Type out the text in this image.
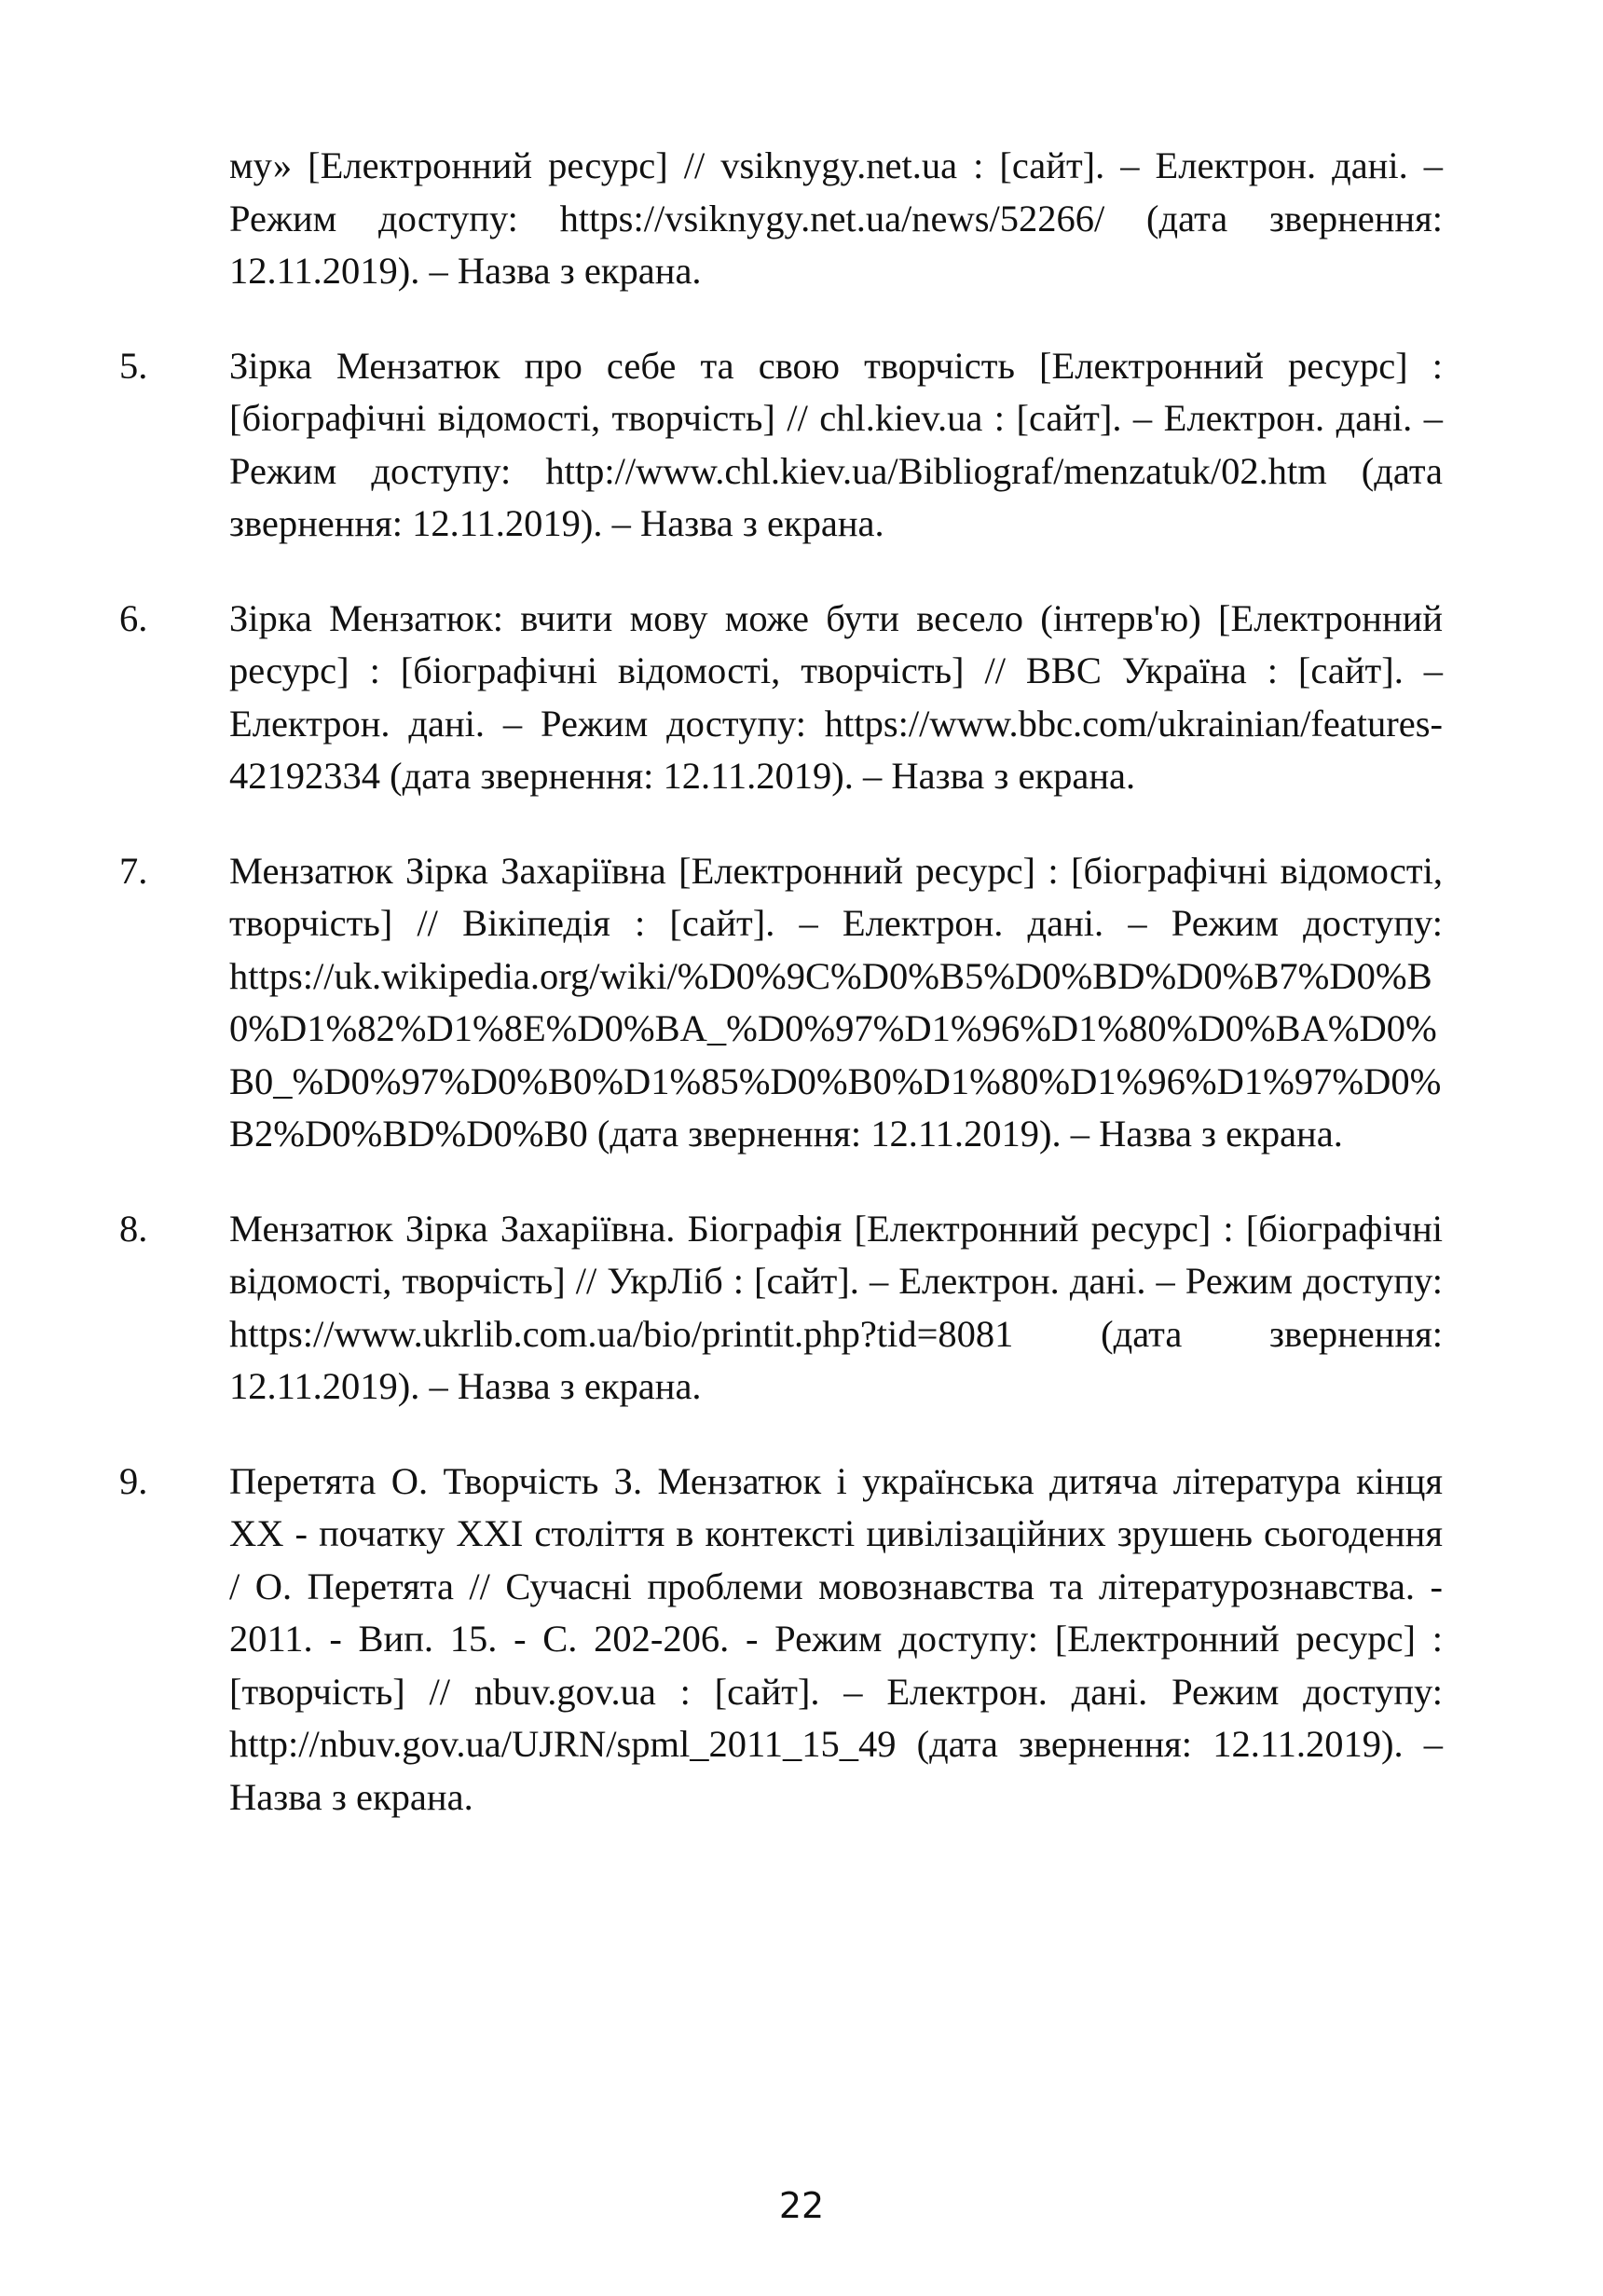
му» [Електронний ресурс] // vsiknygy.net.ua : [сайт]. – Електрон. дані. – Режим доступу: https://vsiknygy.net.ua/news/52266/ (дата звернення: 12.11.2019). – Назва з екрана.
5.	Зірка Мензатюк про себе та свою творчість [Електронний ресурс] : [біографічні відомості, творчість] // chl.kiev.ua : [сайт]. – Електрон. дані. – Режим доступу: http://www.chl.kiev.ua/Bibliograf/menzatuk/02.htm (дата звернення: 12.11.2019). – Назва з екрана.
6.	Зірка Мензатюк: вчити мову може бути весело (інтерв'ю) [Електронний ресурс] : [біографічні відомості, творчість] // BBC Україна : [сайт]. – Електрон. дані. – Режим доступу: https://www.bbc.com/ukrainian/features-42192334 (дата звернення: 12.11.2019). – Назва з екрана.
7.	Мензатюк Зірка Захаріївна [Електронний ресурс] : [біографічні відомості, творчість] // Вікіпедія : [сайт]. – Електрон. дані. – Режим доступу: https://uk.wikipedia.org/wiki/%D0%9C%D0%B5%D0%BD%D0%B7%D0%B0%D1%82%D1%8E%D0%BA_%D0%97%D1%96%D1%80%D0%BA%D0%B0_%D0%97%D0%B0%D1%85%D0%B0%D1%80%D1%96%D1%97%D0%B2%D0%BD%D0%B0 (дата звернення: 12.11.2019). – Назва з екрана.
8.	Мензатюк Зірка Захаріївна. Біографія [Електронний ресурс] : [біографічні відомості, творчість] // УкрЛіб : [сайт]. – Електрон. дані. – Режим доступу: https://www.ukrlib.com.ua/bio/printit.php?tid=8081 (дата звернення: 12.11.2019). – Назва з екрана.
9.	Перетята О. Творчість З. Мензатюк і українська дитяча література кінця XX - початку XXI століття в контексті цивілізаційних зрушень сьогодення / О. Перетята // Сучасні проблеми мовознавства та літературознавства. - 2011. - Вип. 15. - С. 202-206. - Режим доступу: [Електронний ресурс] : [творчість] // nbuv.gov.ua : [сайт]. – Електрон. дані. Режим доступу: http://nbuv.gov.ua/UJRN/spml_2011_15_49 (дата звернення: 12.11.2019). – Назва з екрана.
22
